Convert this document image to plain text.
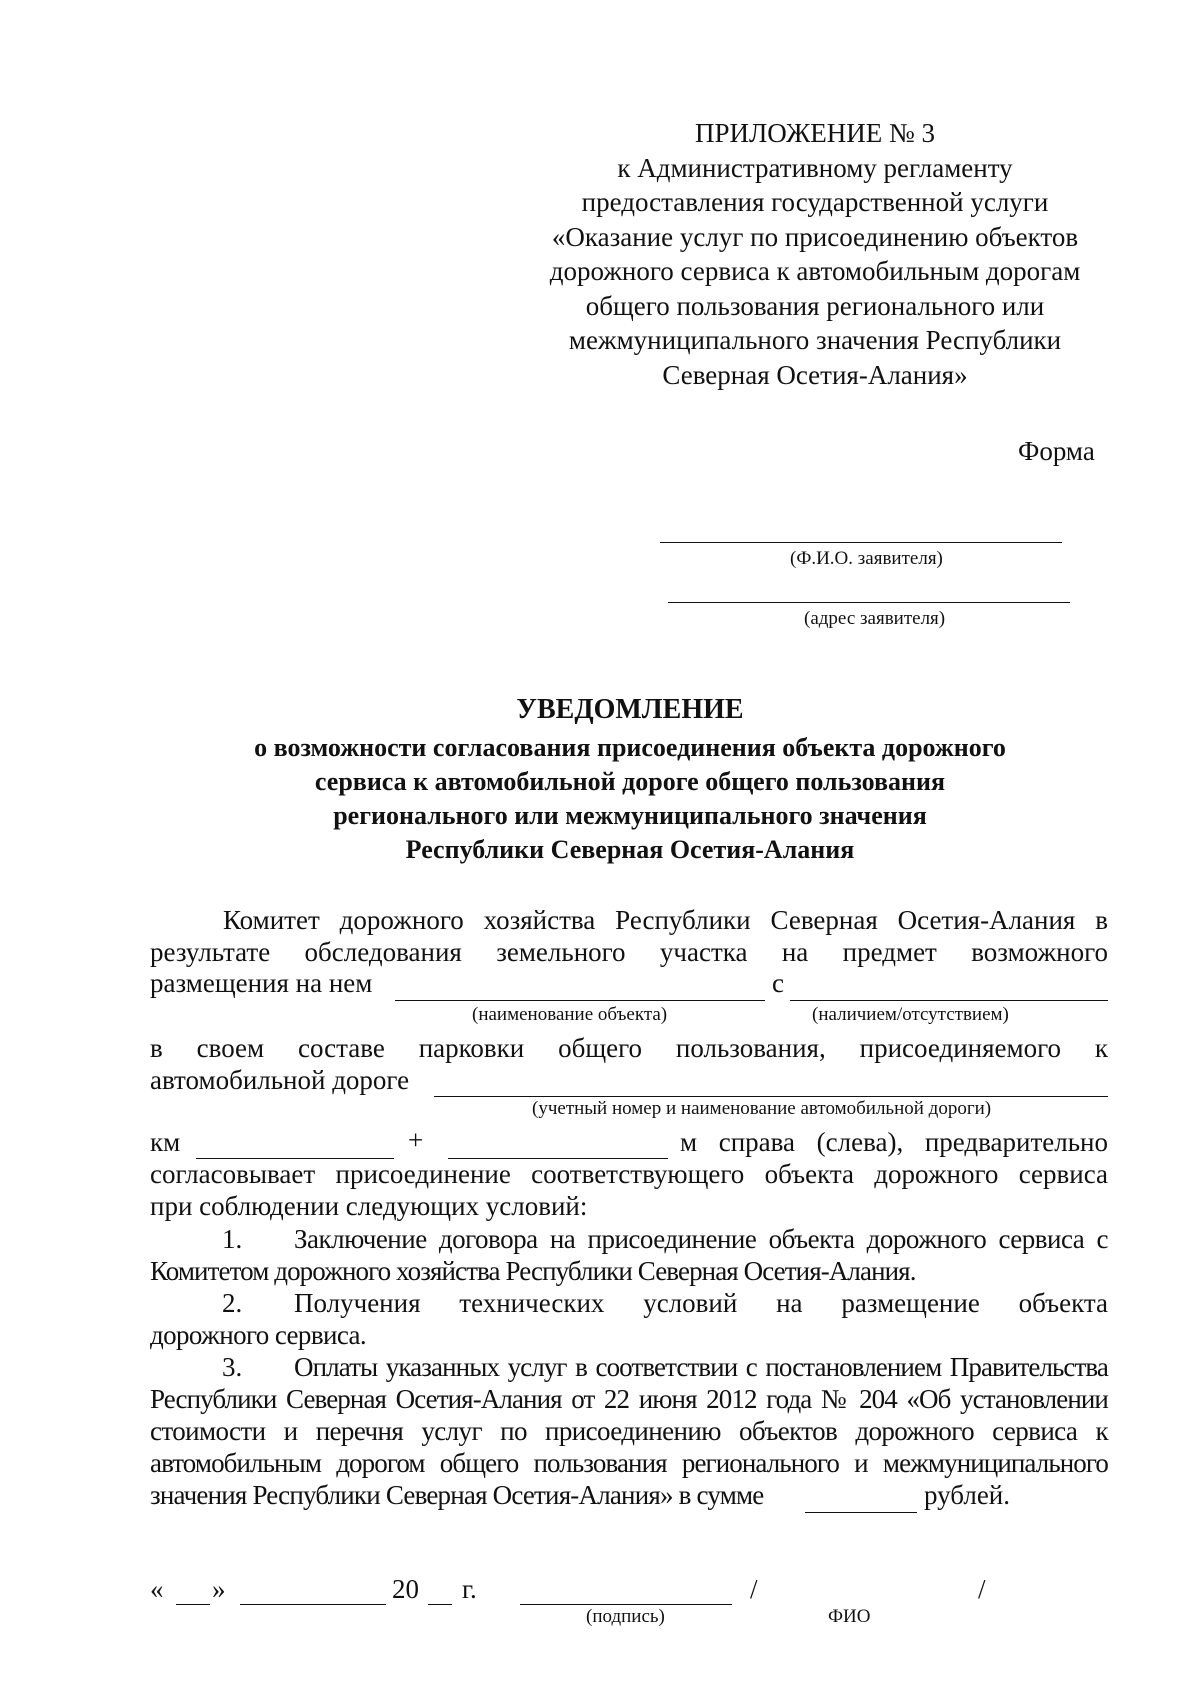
ПРИЛОЖЕНИЕ № 3
к Административному регламенту
предоставления государственной услуги
«Оказание услуг по присоединению объектов
дорожного сервиса к автомобильным дорогам
общего пользования регионального или
межмуниципального значения Республики
Северная Осетия-Алания»
Форма
(Ф.И.О. заявителя)
(адрес заявителя)
УВЕДОМЛЕНИЕ
о возможности согласования присоединения объекта дорожного
сервиса к автомобильной дороге общего пользования
регионального или межмуниципального значения
Республики Северная Осетия-Алания
Комитет дорожного хозяйства Республики Северная Осетия-Алания в
результате обследования земельного участка на предмет возможного
размещения на нем	с
(наименование объекта)	(наличием/отсутствием)
в своем составе парковки общего пользования, присоединяемого к
автомобильной дороге
(учетный номер и наименование автомобильной дороги)
км	+	м справа (слева), предварительно
согласовывает присоединение соответствующего объекта дорожного сервиса
при соблюдении следующих условий:
1. Заключение договора на присоединение объекта дорожного сервиса с
Комитетом дорожного хозяйства Республики Северная Осетия-Алания.
2. Получения технических условий на размещение объекта
дорожного сервиса.
3. Оплаты указанных услуг в соответствии с постановлением Правительства
Республики Северная Осетия-Алания от 22 июня 2012 года № 204 «Об установлении
стоимости и перечня услуг по присоединению объектов дорожного сервиса к
автомобильным дорогом общего пользования регионального и межмуниципального
значения Республики Северная Осетия-Алания» в сумме	рублей.
« »	20 г.	/	/
(подпись)	ФИО
